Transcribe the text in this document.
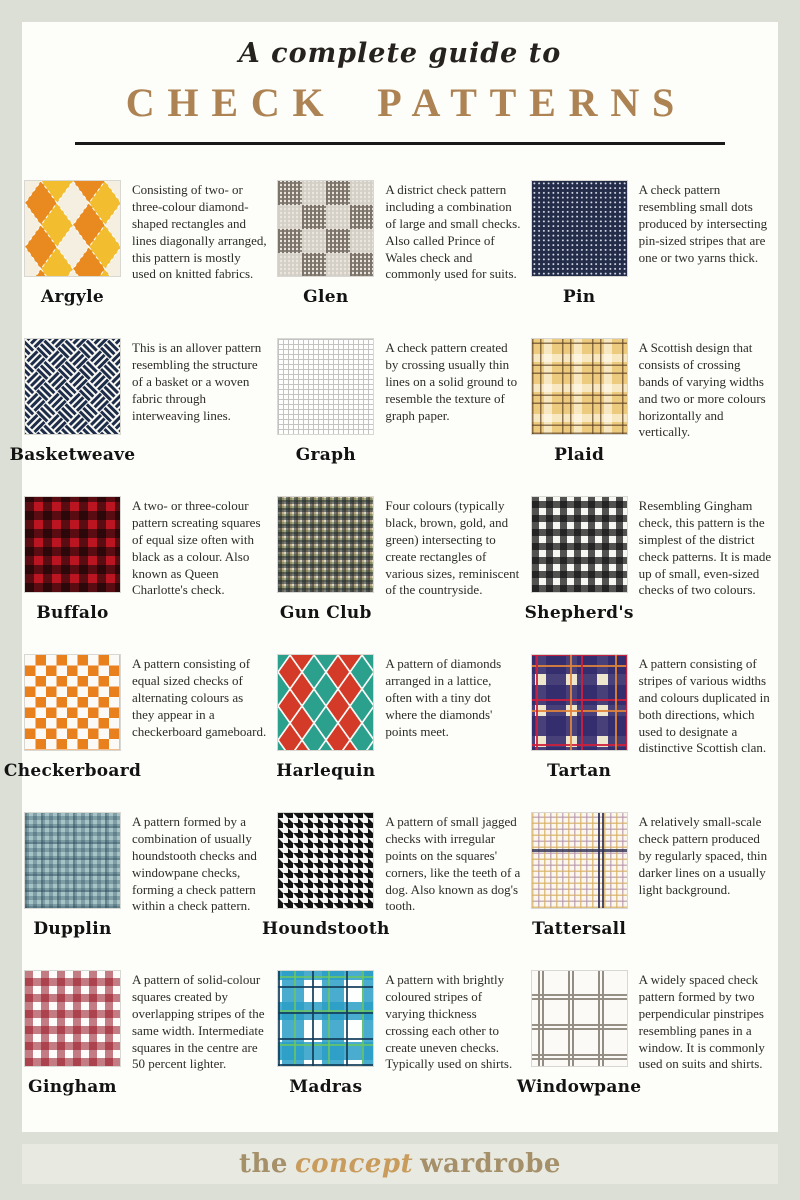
A complete guide to
CHECK PATTERNS
Argyle
Consisting of two- or three-colour diamond-shaped rectangles and lines diagonally arranged, this pattern is mostly used on knitted fabrics.
Glen
A district check pattern including a combination of large and small checks. Also called Prince of Wales check and commonly used for suits.
Pin
A check pattern resembling small dots produced by intersecting pin-sized stripes that are one or two yarns thick.
Basketweave
This is an allover pattern resembling the structure of a basket or a woven fabric through interweaving lines.
Graph
A check pattern created by crossing usually thin lines on a solid ground to resemble the texture of graph paper.
Plaid
A Scottish design that consists of crossing bands of varying widths and two or more colours horizontally and vertically.
Buffalo
A two- or three-colour pattern screating squares of equal size often with black as a colour. Also known as Queen Charlotte's check.
Gun Club
Four colours (typically black, brown, gold, and green) intersecting to create rectangles of various sizes, reminiscent of the countryside.
Shepherd's
Resembling Gingham check, this pattern is the simplest of the district check patterns. It is made up of small, even-sized checks of two colours.
Checkerboard
A pattern consisting of equal sized checks of alternating colours as they appear in a checkerboard gameboard.
Harlequin
A pattern of diamonds arranged in a lattice, often with a tiny dot where the diamonds' points meet.
Tartan
A pattern consisting of stripes of various widths and colours duplicated in both directions, which used to designate a distinctive Scottish clan.
Dupplin
A pattern formed by a combination of usually houndstooth checks and windowpane checks, forming a check pattern within a check pattern.
Houndstooth
A pattern of small jagged checks with irregular points on the squares' corners, like the teeth of a dog. Also known as dog's tooth.
Tattersall
A relatively small-scale check pattern produced by regularly spaced, thin darker lines on a usually light background.
Gingham
A pattern of solid-colour squares created by overlapping stripes of the same width. Intermediate squares in the centre are 50 percent lighter.
Madras
A pattern with brightly coloured stripes of varying thickness crossing each other to create uneven checks. Typically used on shirts.
Windowpane
A widely spaced check pattern formed by two perpendicular pinstripes resembling panes in a window. It is commonly used on suits and shirts.
the concept wardrobe
